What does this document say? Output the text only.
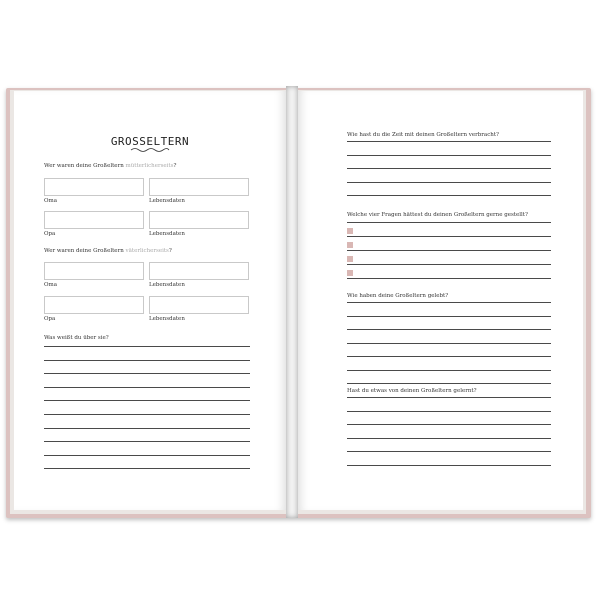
GROSSELTERN
Wer waren deine Großeltern mütterlicherseits?
Oma	Lebensdaten
Opa	Lebensdaten
Wer waren deine Großeltern väterlicherseits?
Oma	Lebensdaten
Opa	Lebensdaten
Was weißt du über sie?
Wie hast du die Zeit mit deinen Großeltern verbracht?
Welche vier Fragen hättest du deinen Großeltern gerne gestellt?
Wie haben deine Großeltern gelebt?
Hast du etwas von deinen Großeltern gelernt?
